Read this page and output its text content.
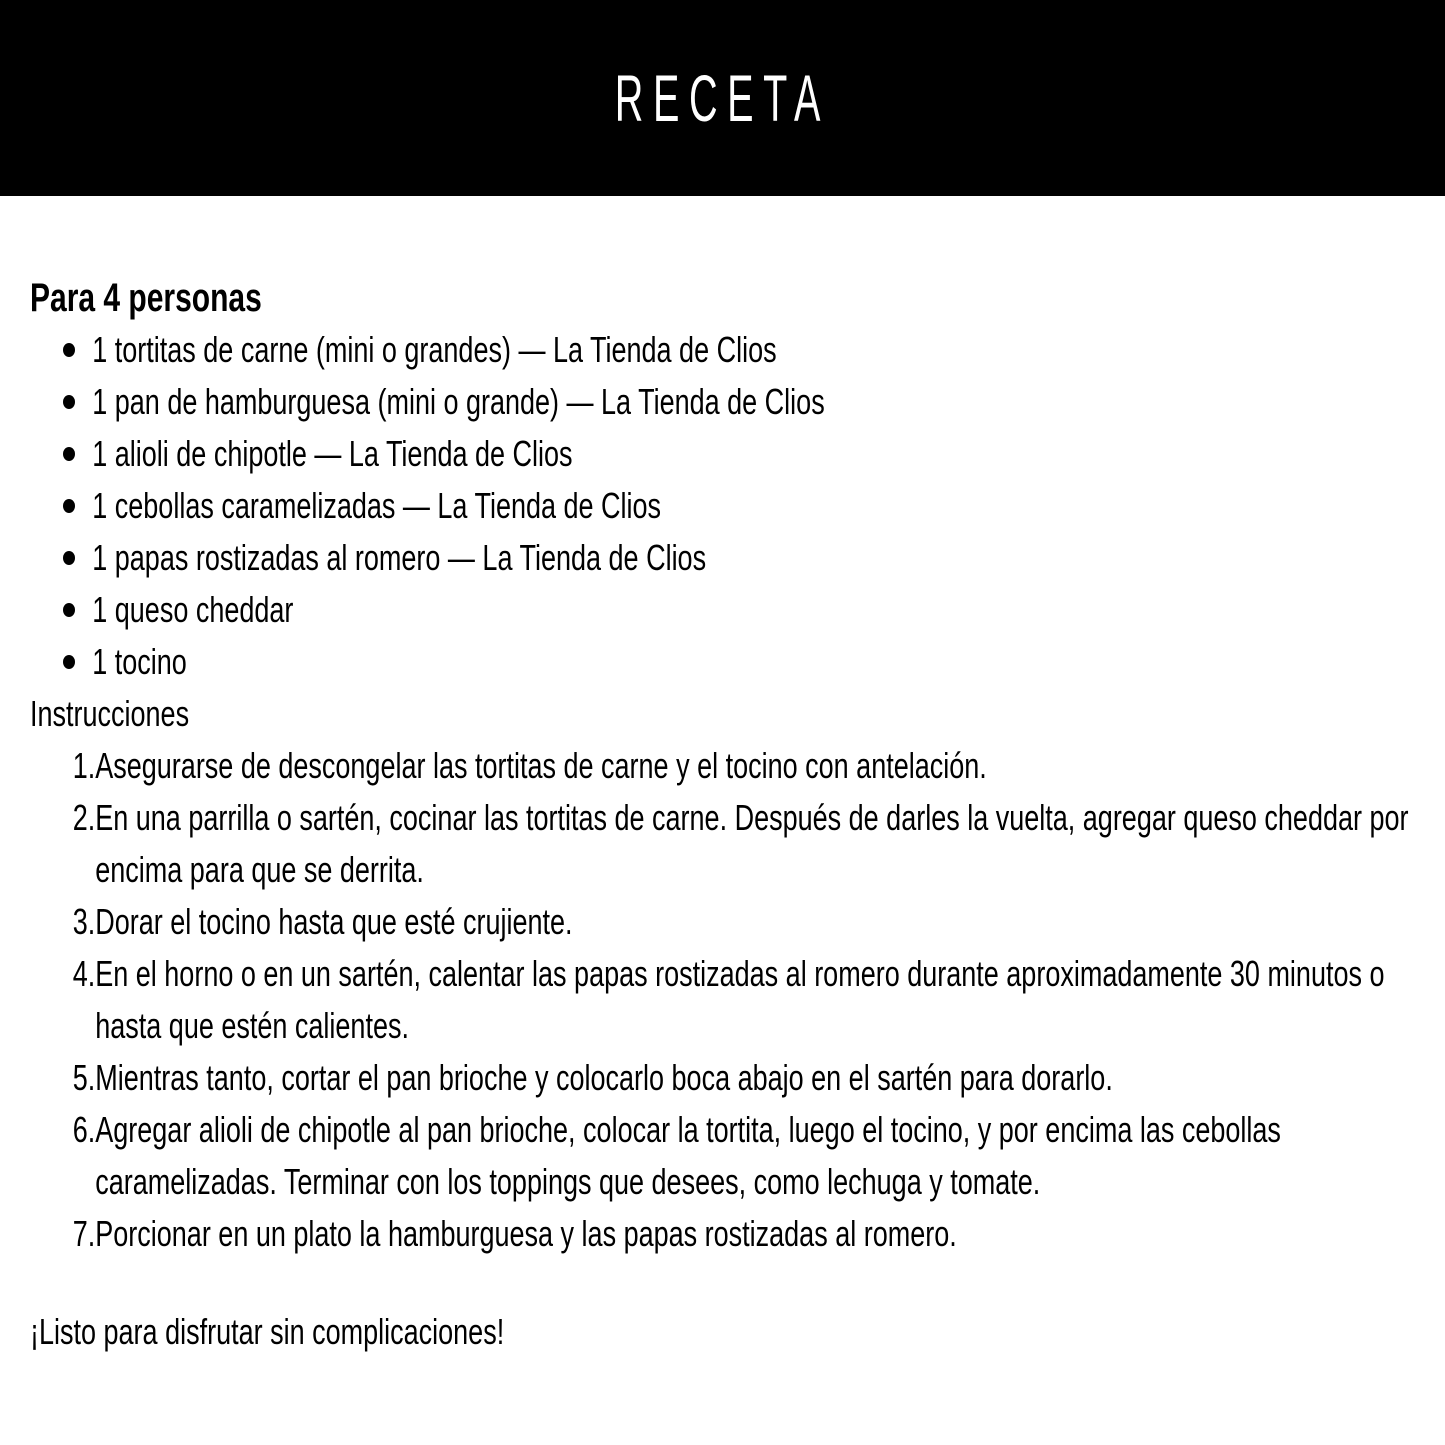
RECETA
Para 4 personas
1 tortitas de carne (mini o grandes) — La Tienda de Clios
1 pan de hamburguesa (mini o grande) — La Tienda de Clios
1 alioli de chipotle — La Tienda de Clios
1 cebollas caramelizadas — La Tienda de Clios
1 papas rostizadas al romero — La Tienda de Clios
1 queso cheddar
1 tocino
Instrucciones
Asegurarse de descongelar las tortitas de carne y el tocino con antelación.
En una parrilla o sartén, cocinar las tortitas de carne. Después de darles la vuelta, agregar queso cheddar por encima para que se derrita.
Dorar el tocino hasta que esté crujiente.
En el horno o en un sartén, calentar las papas rostizadas al romero durante aproximadamente 30 minutos o hasta que estén calientes.
Mientras tanto, cortar el pan brioche y colocarlo boca abajo en el sartén para dorarlo.
Agregar alioli de chipotle al pan brioche, colocar la tortita, luego el tocino, y por encima las cebollas caramelizadas. Terminar con los toppings que desees, como lechuga y tomate.
Porcionar en un plato la hamburguesa y las papas rostizadas al romero.
¡Listo para disfrutar sin complicaciones!
